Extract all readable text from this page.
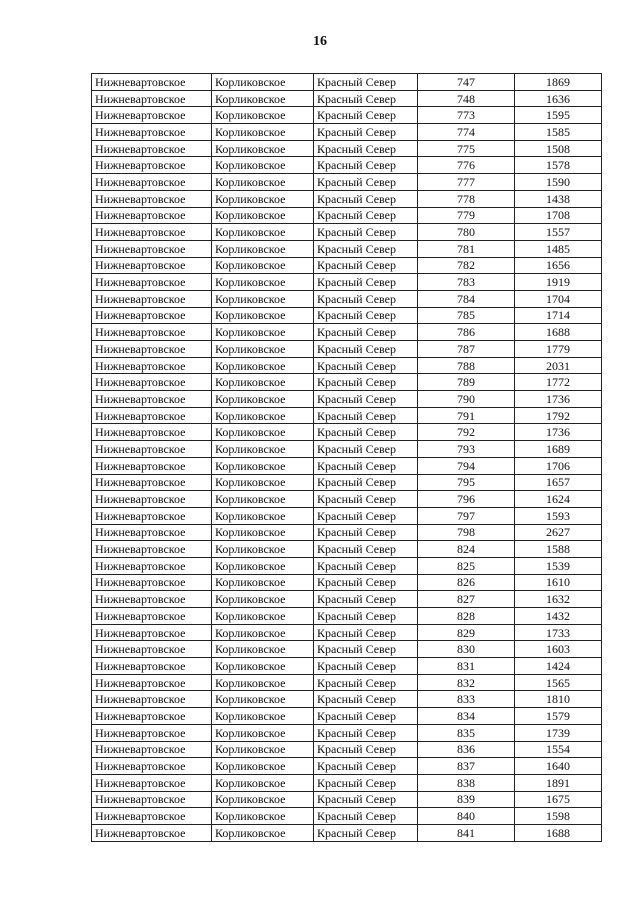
16
Нижневартовское	Корликовское	Красный Север	747	1869
Нижневартовское	Корликовское	Красный Север	748	1636
Нижневартовское	Корликовское	Красный Север	773	1595
Нижневартовское	Корликовское	Красный Север	774	1585
Нижневартовское	Корликовское	Красный Север	775	1508
Нижневартовское	Корликовское	Красный Север	776	1578
Нижневартовское	Корликовское	Красный Север	777	1590
Нижневартовское	Корликовское	Красный Север	778	1438
Нижневартовское	Корликовское	Красный Север	779	1708
Нижневартовское	Корликовское	Красный Север	780	1557
Нижневартовское	Корликовское	Красный Север	781	1485
Нижневартовское	Корликовское	Красный Север	782	1656
Нижневартовское	Корликовское	Красный Север	783	1919
Нижневартовское	Корликовское	Красный Север	784	1704
Нижневартовское	Корликовское	Красный Север	785	1714
Нижневартовское	Корликовское	Красный Север	786	1688
Нижневартовское	Корликовское	Красный Север	787	1779
Нижневартовское	Корликовское	Красный Север	788	2031
Нижневартовское	Корликовское	Красный Север	789	1772
Нижневартовское	Корликовское	Красный Север	790	1736
Нижневартовское	Корликовское	Красный Север	791	1792
Нижневартовское	Корликовское	Красный Север	792	1736
Нижневартовское	Корликовское	Красный Север	793	1689
Нижневартовское	Корликовское	Красный Север	794	1706
Нижневартовское	Корликовское	Красный Север	795	1657
Нижневартовское	Корликовское	Красный Север	796	1624
Нижневартовское	Корликовское	Красный Север	797	1593
Нижневартовское	Корликовское	Красный Север	798	2627
Нижневартовское	Корликовское	Красный Север	824	1588
Нижневартовское	Корликовское	Красный Север	825	1539
Нижневартовское	Корликовское	Красный Север	826	1610
Нижневартовское	Корликовское	Красный Север	827	1632
Нижневартовское	Корликовское	Красный Север	828	1432
Нижневартовское	Корликовское	Красный Север	829	1733
Нижневартовское	Корликовское	Красный Север	830	1603
Нижневартовское	Корликовское	Красный Север	831	1424
Нижневартовское	Корликовское	Красный Север	832	1565
Нижневартовское	Корликовское	Красный Север	833	1810
Нижневартовское	Корликовское	Красный Север	834	1579
Нижневартовское	Корликовское	Красный Север	835	1739
Нижневартовское	Корликовское	Красный Север	836	1554
Нижневартовское	Корликовское	Красный Север	837	1640
Нижневартовское	Корликовское	Красный Север	838	1891
Нижневартовское	Корликовское	Красный Север	839	1675
Нижневартовское	Корликовское	Красный Север	840	1598
Нижневартовское	Корликовское	Красный Север	841	1688
